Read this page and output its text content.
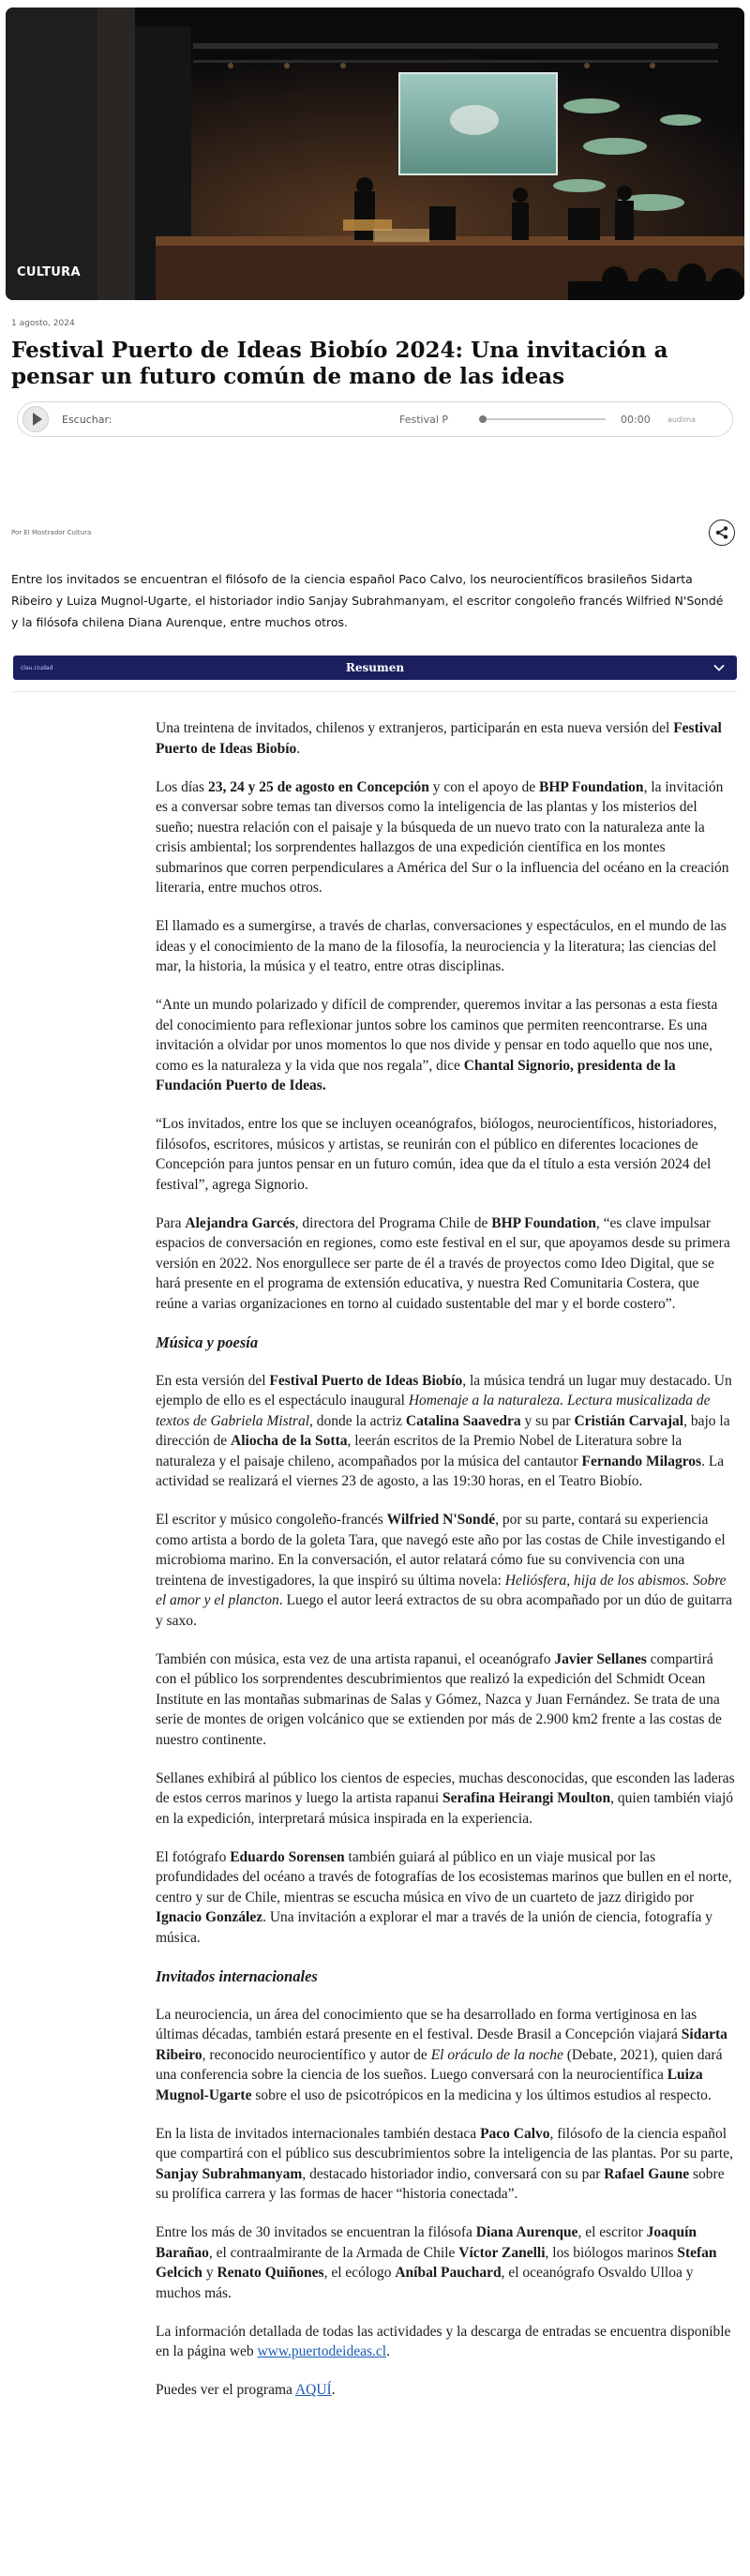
CULTURA
1 agosto, 2024
Festival Puerto de Ideas Biobío 2024: Una invitación a pensar un futuro común de mano de las ideas
Escuchar:	Festival P	00:00	audima
Por El Mostrador Cultura

Entre los invitados se encuentran el filósofo de la ciencia español Paco Calvo, los neurocientíficos brasileños Sidarta Ribeiro y Luiza Mugnol-Ugarte, el historiador indio Sanjay Subrahmanyam, el escritor congoleño francés Wilfried N'Sondé y la filósofa chilena Diana Aurenque, entre muchos otros.

clau.ciudad	Resumen

Una treintena de invitados, chilenos y extranjeros, participarán en esta nueva versión del Festival Puerto de Ideas Biobío.

Los días 23, 24 y 25 de agosto en Concepción y con el apoyo de BHP Foundation, la invitación es a conversar sobre temas tan diversos como la inteligencia de las plantas y los misterios del sueño; nuestra relación con el paisaje y la búsqueda de un nuevo trato con la naturaleza ante la crisis ambiental; los sorprendentes hallazgos de una expedición científica en los montes submarinos que corren perpendiculares a América del Sur o la influencia del océano en la creación literaria, entre muchos otros.

El llamado es a sumergirse, a través de charlas, conversaciones y espectáculos, en el mundo de las ideas y el conocimiento de la mano de la filosofía, la neurociencia y la literatura; las ciencias del mar, la historia, la música y el teatro, entre otras disciplinas.

“Ante un mundo polarizado y difícil de comprender, queremos invitar a las personas a esta fiesta del conocimiento para reflexionar juntos sobre los caminos que permiten reencontrarse. Es una invitación a olvidar por unos momentos lo que nos divide y pensar en todo aquello que nos une, como es la naturaleza y la vida que nos regala”, dice Chantal Signorio, presidenta de la Fundación Puerto de Ideas.

“Los invitados, entre los que se incluyen oceanógrafos, biólogos, neurocientíficos, historiadores, filósofos, escritores, músicos y artistas, se reunirán con el público en diferentes locaciones de Concepción para juntos pensar en un futuro común, idea que da el título a esta versión 2024 del festival”, agrega Signorio.

Para Alejandra Garcés, directora del Programa Chile de BHP Foundation, “es clave impulsar espacios de conversación en regiones, como este festival en el sur, que apoyamos desde su primera versión en 2022. Nos enorgullece ser parte de él a través de proyectos como Ideo Digital, que se hará presente en el programa de extensión educativa, y nuestra Red Comunitaria Costera, que reúne a varias organizaciones en torno al cuidado sustentable del mar y el borde costero”.

Música y poesía

En esta versión del Festival Puerto de Ideas Biobío, la música tendrá un lugar muy destacado. Un ejemplo de ello es el espectáculo inaugural Homenaje a la naturaleza. Lectura musicalizada de textos de Gabriela Mistral, donde la actriz Catalina Saavedra y su par Cristián Carvajal, bajo la dirección de Aliocha de la Sotta, leerán escritos de la Premio Nobel de Literatura sobre la naturaleza y el paisaje chileno, acompañados por la música del cantautor Fernando Milagros. La actividad se realizará el viernes 23 de agosto, a las 19:30 horas, en el Teatro Biobío.

El escritor y músico congoleño-francés Wilfried N'Sondé, por su parte, contará su experiencia como artista a bordo de la goleta Tara, que navegó este año por las costas de Chile investigando el microbioma marino. En la conversación, el autor relatará cómo fue su convivencia con una treintena de investigadores, la que inspiró su última novela: Heliósfera, hija de los abismos. Sobre el amor y el plancton. Luego el autor leerá extractos de su obra acompañado por un dúo de guitarra y saxo.

También con música, esta vez de una artista rapanui, el oceanógrafo Javier Sellanes compartirá con el público los sorprendentes descubrimientos que realizó la expedición del Schmidt Ocean Institute en las montañas submarinas de Salas y Gómez, Nazca y Juan Fernández. Se trata de una serie de montes de origen volcánico que se extienden por más de 2.900 km2 frente a las costas de nuestro continente.

Sellanes exhibirá al público los cientos de especies, muchas desconocidas, que esconden las laderas de estos cerros marinos y luego la artista rapanui Serafina Heirangi Moulton, quien también viajó en la expedición, interpretará música inspirada en la experiencia.

El fotógrafo Eduardo Sorensen también guiará al público en un viaje musical por las profundidades del océano a través de fotografías de los ecosistemas marinos que bullen en el norte, centro y sur de Chile, mientras se escucha música en vivo de un cuarteto de jazz dirigido por Ignacio González. Una invitación a explorar el mar a través de la unión de ciencia, fotografía y música.

Invitados internacionales

La neurociencia, un área del conocimiento que se ha desarrollado en forma vertiginosa en las últimas décadas, también estará presente en el festival. Desde Brasil a Concepción viajará Sidarta Ribeiro, reconocido neurocientífico y autor de El oráculo de la noche (Debate, 2021), quien dará una conferencia sobre la ciencia de los sueños. Luego conversará con la neurocientífica Luiza Mugnol-Ugarte sobre el uso de psicotrópicos en la medicina y los últimos estudios al respecto.

En la lista de invitados internacionales también destaca Paco Calvo, filósofo de la ciencia español que compartirá con el público sus descubrimientos sobre la inteligencia de las plantas. Por su parte, Sanjay Subrahmanyam, destacado historiador indio, conversará con su par Rafael Gaune sobre su prolífica carrera y las formas de hacer “historia conectada”.

Entre los más de 30 invitados se encuentran la filósofa Diana Aurenque, el escritor Joaquín Barañao, el contraalmirante de la Armada de Chile Víctor Zanelli, los biólogos marinos Stefan Gelcich y Renato Quiñones, el ecólogo Aníbal Pauchard, el oceanógrafo Osvaldo Ulloa y muchos más.

La información detallada de todas las actividades y la descarga de entradas se encuentra disponible en la página web www.puertodeideas.cl.

Puedes ver el programa AQUÍ.
